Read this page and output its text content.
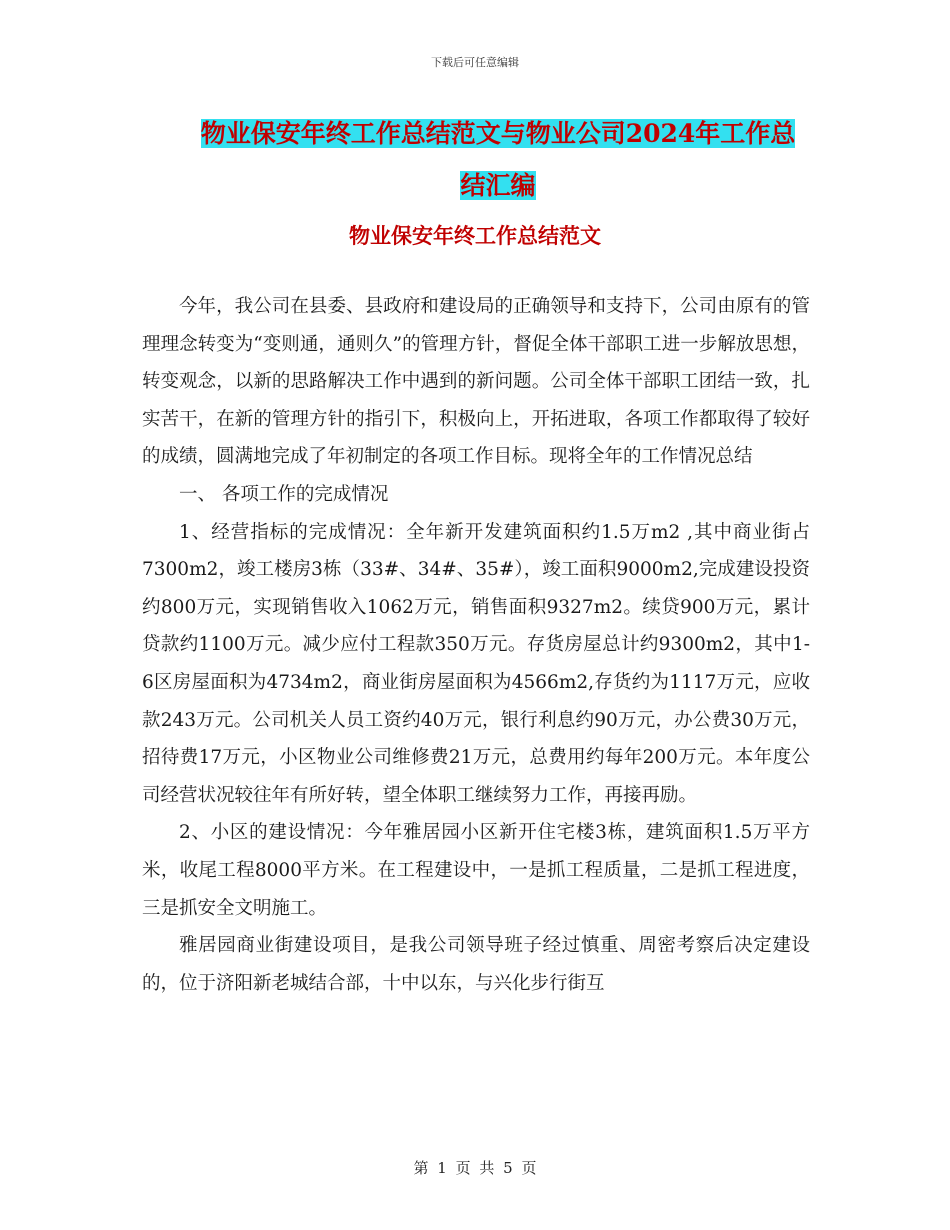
下载后可任意编辑
物业保安年终工作总结范文与物业公司2024年工作总
结汇编
物业保安年终工作总结范文

今年，我公司在县委、县政府和建设局的正确领导和支持下，公司由原有的管理理念转变为“变则通，通则久”的管理方针，督促全体干部职工进一步解放思想，转变观念，以新的思路解决工作中遇到的新问题。公司全体干部职工团结一致，扎实苦干，在新的管理方针的指引下，积极向上，开拓进取，各项工作都取得了较好的成绩，圆满地完成了年初制定的各项工作目标。现将全年的工作情况总结

一、 各项工作的完成情况

1、经营指标的完成情况：全年新开发建筑面积约1.5万m2 ,其中商业街占7300m2，竣工楼房3栋（33#、34#、35#），竣工面积9000m2,完成建设投资约800万元，实现销售收入1062万元，销售面积9327m2。续贷900万元，累计贷款约1100万元。减少应付工程款350万元。存货房屋总计约9300m2，其中1-6区房屋面积为4734m2，商业街房屋面积为4566m2,存货约为1117万元，应收款243万元。公司机关人员工资约40万元，银行利息约90万元，办公费30万元，招待费17万元，小区物业公司维修费21万元，总费用约每年200万元。本年度公司经营状况较往年有所好转，望全体职工继续努力工作，再接再励。

2、小区的建设情况：今年雅居园小区新开住宅楼3栋，建筑面积1.5万平方米，收尾工程8000平方米。在工程建设中，一是抓工程质量，二是抓工程进度，三是抓安全文明施工。

雅居园商业街建设项目，是我公司领导班子经过慎重、周密考察后决定建设的，位于济阳新老城结合部，十中以东，与兴化步行街互

第 1 页 共 5 页
